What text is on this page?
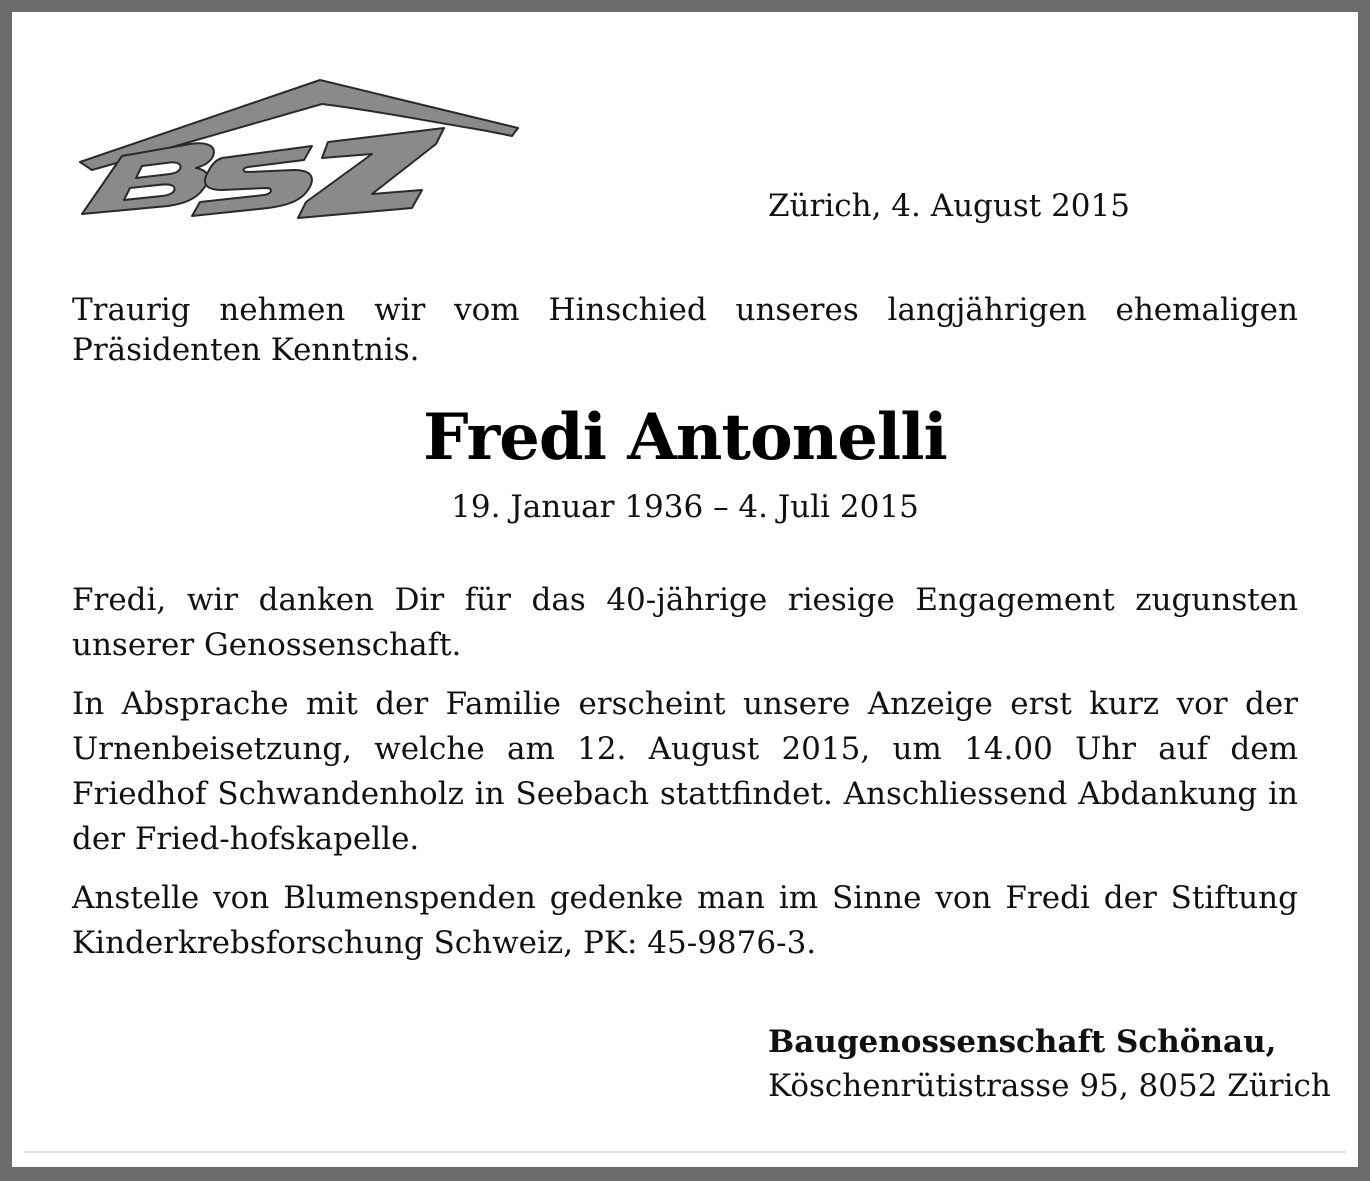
Zürich, 4. August 2015

Traurig nehmen wir vom Hinschied unseres langjährigen ehemaligen Präsidenten Kenntnis.

Fredi Antonelli
19. Januar 1936 – 4. Juli 2015

Fredi, wir danken Dir für das 40-jährige riesige Engagement zugunsten unserer Genossenschaft.

In Absprache mit der Familie erscheint unsere Anzeige erst kurz vor der Urnenbeisetzung, welche am 12. August 2015, um 14.00 Uhr auf dem Friedhof Schwandenholz in Seebach stattfindet. Anschliessend Abdankung in der Fried-hofskapelle.

Anstelle von Blumenspenden gedenke man im Sinne von Fredi der Stiftung Kinderkrebsforschung Schweiz, PK: 45-9876-3.

Baugenossenschaft Schönau,
Köschenrütistrasse 95, 8052 Zürich
